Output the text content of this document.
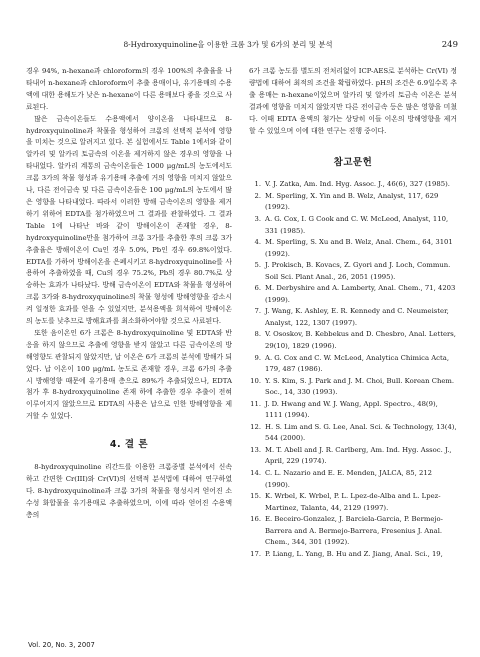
8-Hydroxyquinoline을 이용한 크롬 3가 및 6가의 분리 및 분석	249

경우 94%, n-hexane과 chloroform의 경우 100%의 추출율을 나타내어 n-hexane과 chloroform이 추출 용매이나, 유기용매의 수용액에 대한 용해도가 낮은 n-hexane이 다른 용매보다 좋을 것으로 사료된다.

많은 금속이온들도 수용액에서 양이온을 나타내므로 8-hydroxyquinoline과 착물을 형성하여 크롬의 선택적 분석에 영향을 미치는 것으로 알려지고 있다. 본 실험에서도 Table 1에서와 같이 알카리 및 알카리 토금속의 이온을 제거하지 않은 경우의 영향을 나타내었다. 알카리 계통의 금속이온들은 1000 μg/mL의 농도에서도 크롬 3가의 착물 형성과 유기용매 추출에 거의 영향을 미치지 않았으나, 다른 전이금속 및 다른 금속이온들은 100 μg/mL의 농도에서 많은 영향을 나타내었다. 따라서 이러한 방해 금속이온의 영향을 제거하기 위하여 EDTA를 첨가하였으며 그 결과를 관찰하였다. 그 결과 Table 1에 나타난 바와 같이 방해이온이 존재할 경우, 8-hydroxyquinoline만을 첨가하여 크롬 3가를 추출한 후의 크롬 3가 추출율은 방해이온이 Cu인 경우 5.0%, Pb인 경우 69.8%이었다. EDTA를 가하여 방해이온을 은폐시키고 8-hydroxyquinoline를 사용하여 추출하였을 때, Cu의 경우 75.2%, Pb의 경우 80.7%로 상승하는 효과가 나타났다. 방해 금속이온이 EDTA와 착물을 형성하여 크롬 3가와 8-hydroxyquinoline의 착물 형성에 방해영향을 감소시켜 일정한 효과를 얻을 수 있었지만, 분석용액을 희석하여 방해이온의 농도를 낮추므로 방해효과를 최소화하여야할 것으로 사료된다.

또한 음이온인 6가 크롬은 8-hydroxyquinoline 및 EDTA와 반응을 하지 않으므로 추출에 영향을 받지 않았고 다른 금속이온의 방해영향도 관찰되지 않았지만, 납 이온은 6가 크롬의 분석에 방해가 되었다. 납 이온이 100 μg/mL 농도로 존재할 경우, 크롬 6가의 추출 시 방해영향 때문에 유기용매 층으로 89%가 추출되었으나, EDTA 첨가 후 8-hydroxyquinoline 존재 하에 추출한 경우 추출이 전혀 이루어지지 않았으므로 EDTA의 사용은 납으로 인한 방해영향을 제거할 수 있었다.

4. 결 론

8-hydroxyquinoline 리간드를 이용한 크롬종별 분석에서 신속하고 간편한 Cr(III)와 Cr(VI)의 선택적 분석법에 대하여 연구하였다. 8-hydroxyquinoline과 크롬 3가의 착물을 형성시켜 얻어진 소수성 화합물을 유기용매로 추출하였으며, 이에 따라 얻어진 수용액 층의

6가 크롬 농도를 별도의 전처리없이 ICP-AES로 분석하는 Cr(VI) 정량법에 대하여 최적의 조건을 확립하였다. pH의 조건은 6.9일수록 추출 용매는 n-hexane이었으며 알카리 및 알카리 토금속 이온은 분석결과에 영향을 미치지 않았지만 다른 전이금속 등은 많은 영향을 미쳤다. 이때 EDTA 용액의 첨가는 상당히 이들 이온의 방해영향을 제거할 수 있었으며 이에 대한 연구는 진행 중이다.

참고문헌
1. V. J. Zatka, Am. Ind. Hyg. Assoc. J., 46(6), 327 (1985).
2. M. Sperling, X. Yin and B. Welz, Analyst, 117, 629 (1992).
3. A. G. Cox, I. G Cook and C. W. McLeod, Analyst, 110, 331 (1985).
4. M. Sperling, S. Xu and B. Welz, Anal. Chem., 64, 3101 (1992).
5. J. Prokisch, B. Kovacs, Z. Gyori and J. Loch, Commun. Soil Sci. Plant Anal., 26, 2051 (1995).
6. M. Derbyshire and A. Lamberty, Anal. Chem., 71, 4203 (1999).
7. J. Wang, K. Ashley, E. R. Kennedy and C. Neumeister, Analyst, 122, 1307 (1997).
8. V. Ososkov, B. Kebbekus and D. Chesbro, Anal. Letters, 29(10), 1829 (1996).
9. A. G. Cox and C. W. McLeod, Analytica Chimica Acta, 179, 487 (1986).
10. Y. S. Kim, S. J. Park and J. M. Choi, Bull. Korean Chem. Soc., 14, 330 (1993).
11. J. D. Hwang and W. J. Wang, Appl. Spectro., 48(9), 1111 (1994).
12. H. S. Lim and S. G. Lee, Anal. Sci. & Technology, 13(4), 544 (2000).
13. M. T. Abell and J. R. Carlberg, Am. Ind. Hyg. Assoc. J., April, 229 (1974).
14. C. L. Nazario and E. E. Menden, JALCA, 85, 212 (1990).
15. K. Wrbel, K. Wrbel, P. L. Lpez-de-Alba and L. Lpez-Martinez, Talanta, 44, 2129 (1997).
16. E. Beceiro-Gonzalez, J. Barciela-Garcia, P. Bermejo-Barrera and A. Bermejo-Barrera, Fresenius J. Anal. Chem., 344, 301 (1992).
17. P. Liang, L. Yang, B. Hu and Z. Jiang, Anal. Sci., 19,
Vol. 20, No. 3, 2007
